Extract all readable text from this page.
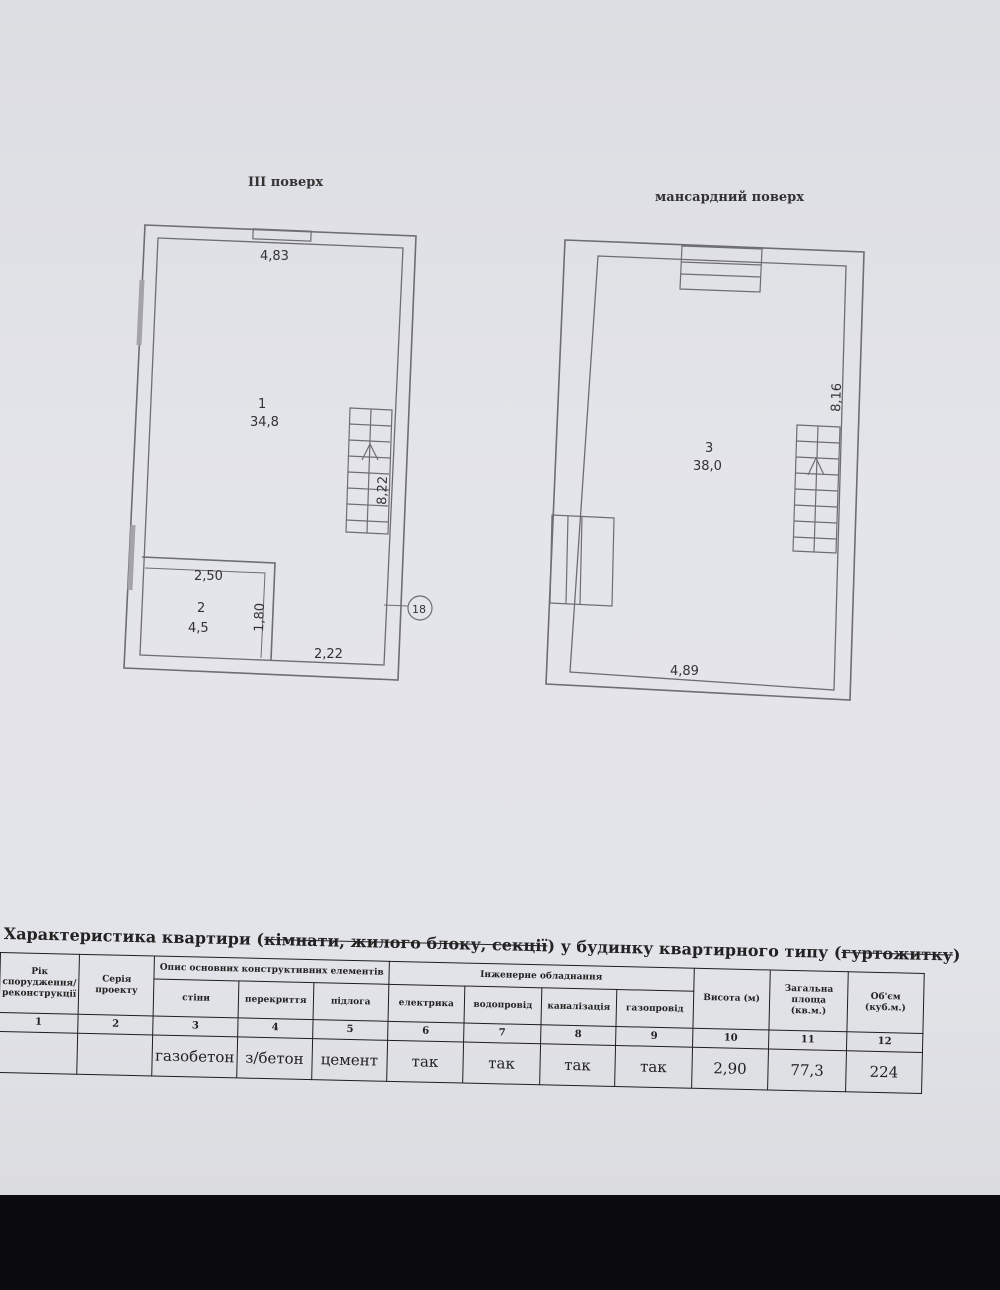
ІІІ поверх
мансардний поверх
4,83
1
34,8
8,22
2,50
2
4,5	1,80
2,22
18
8,16
3
38,0
4,89
Характеристика квартири (кімнати, жилого блоку, секції) у будинку квартирного типу (гуртожитку)
Рік спорудження/ реконструкції	Серія проекту	Опис основних конструктивних елементів			Інженерне обладнання				Висота (м)	Загальна площа (кв.м.)	Об'єм (куб.м.)
		стіни	перекриття	підлога	електрика	водопровід	каналізація	газопровід			
1	2	3	4	5	6	7	8	9	10	11	12
		газобетон	з/бетон	цемент	так	так	так	так	2,90	77,3	224
